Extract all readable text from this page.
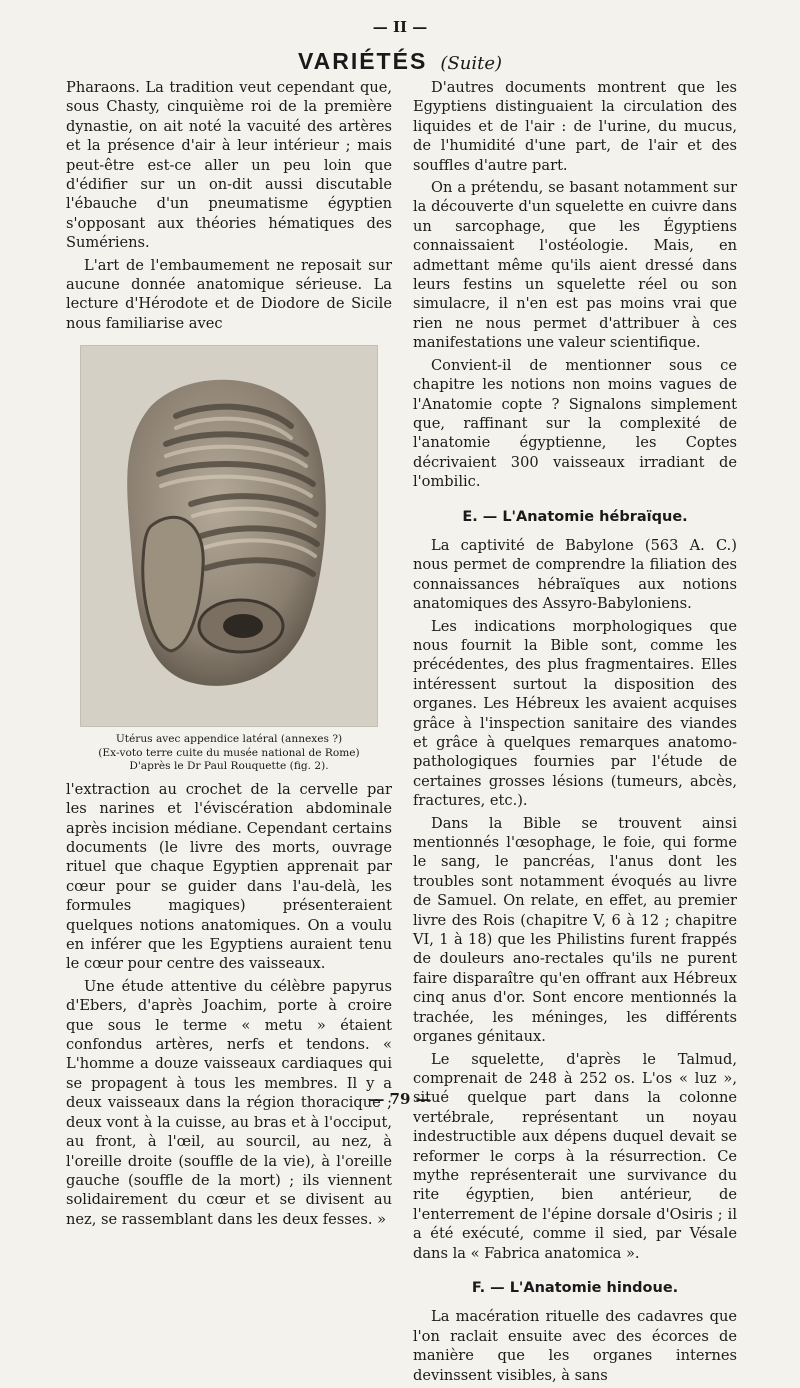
— II —
VARIÉTÉS (Suite)

Pharaons. La tradition veut cependant que, sous Chasty, cinquième roi de la première dynastie, on ait noté la vacuité des artères et la présence d'air à leur intérieur ; mais peut-être est-ce aller un peu loin que d'édifier sur un on-dit aussi discutable l'ébauche d'un pneumatisme égyptien s'opposant aux théories hématiques des Sumériens.

L'art de l'embaumement ne reposait sur aucune donnée anatomique sérieuse. La lecture d'Hérodote et de Diodore de Sicile nous familiarise avec

Utérus avec appendice latéral (annexes ?)
(Ex-voto terre cuite du musée national de Rome)
D'après le Dr Paul Rouquette (fig. 2).

l'extraction au crochet de la cervelle par les narines et l'éviscération abdominale après incision médiane. Cependant certains documents (le livre des morts, ouvrage rituel que chaque Egyptien apprenait par cœur pour se guider dans l'au-delà, les formules magiques) présenteraient quelques notions anatomiques. On a voulu en inférer que les Egyptiens auraient tenu le cœur pour centre des vaisseaux.

Une étude attentive du célèbre papyrus d'Ebers, d'après Joachim, porte à croire que sous le terme « metu » étaient confondus artères, nerfs et tendons. « L'homme a douze vaisseaux cardiaques qui se propagent à tous les membres. Il y a deux vaisseaux dans la région thoracique ; deux vont à la cuisse, au bras et à l'occiput, au front, à l'œil, au sourcil, au nez, à l'oreille droite (souffle de la vie), à l'oreille gauche (souffle de la mort) ; ils viennent solidairement du cœur et se divisent au nez, se rassemblant dans les deux fesses. »

D'autres documents montrent que les Egyptiens distinguaient la circulation des liquides et de l'air : de l'urine, du mucus, de l'humidité d'une part, de l'air et des souffles d'autre part.

On a prétendu, se basant notamment sur la découverte d'un squelette en cuivre dans un sarcophage, que les Égyptiens connaissaient l'ostéologie. Mais, en admettant même qu'ils aient dressé dans leurs festins un squelette réel ou son simulacre, il n'en est pas moins vrai que rien ne nous permet d'attribuer à ces manifestations une valeur scientifique.

Convient-il de mentionner sous ce chapitre les notions non moins vagues de l'Anatomie copte ? Signalons simplement que, raffinant sur la complexité de l'anatomie égyptienne, les Coptes décrivaient 300 vaisseaux irradiant de l'ombilic.

E. — L'Anatomie hébraïque.

La captivité de Babylone (563 A. C.) nous permet de comprendre la filiation des connaissances hébraïques aux notions anatomiques des Assyro-Babyloniens.

Les indications morphologiques que nous fournit la Bible sont, comme les précédentes, des plus fragmentaires. Elles intéressent surtout la disposition des organes. Les Hébreux les avaient acquises grâce à l'inspection sanitaire des viandes et grâce à quelques remarques anatomo-pathologiques fournies par l'étude de certaines grosses lésions (tumeurs, abcès, fractures, etc.).

Dans la Bible se trouvent ainsi mentionnés l'œsophage, le foie, qui forme le sang, le pancréas, l'anus dont les troubles sont notamment évoqués au livre de Samuel. On relate, en effet, au premier livre des Rois (chapitre V, 6 à 12 ; chapitre VI, 1 à 18) que les Philistins furent frappés de douleurs ano-rectales qu'ils ne purent faire disparaître qu'en offrant aux Hébreux cinq anus d'or. Sont encore mentionnés la trachée, les méninges, les différents organes génitaux.

Le squelette, d'après le Talmud, comprenait de 248 à 252 os. L'os « luz », situé quelque part dans la colonne vertébrale, représentant un noyau indestructible aux dépens duquel devait se reformer le corps à la résurrection. Ce mythe représenterait une survivance du rite égyptien, bien antérieur, de l'enterrement de l'épine dorsale d'Osiris ; il a été exécuté, comme il sied, par Vésale dans la « Fabrica anatomica ».

F. — L'Anatomie hindoue.

La macération rituelle des cadavres que l'on raclait ensuite avec des écorces de manière que les organes internes devinssent visibles, à sans

— 79 —
